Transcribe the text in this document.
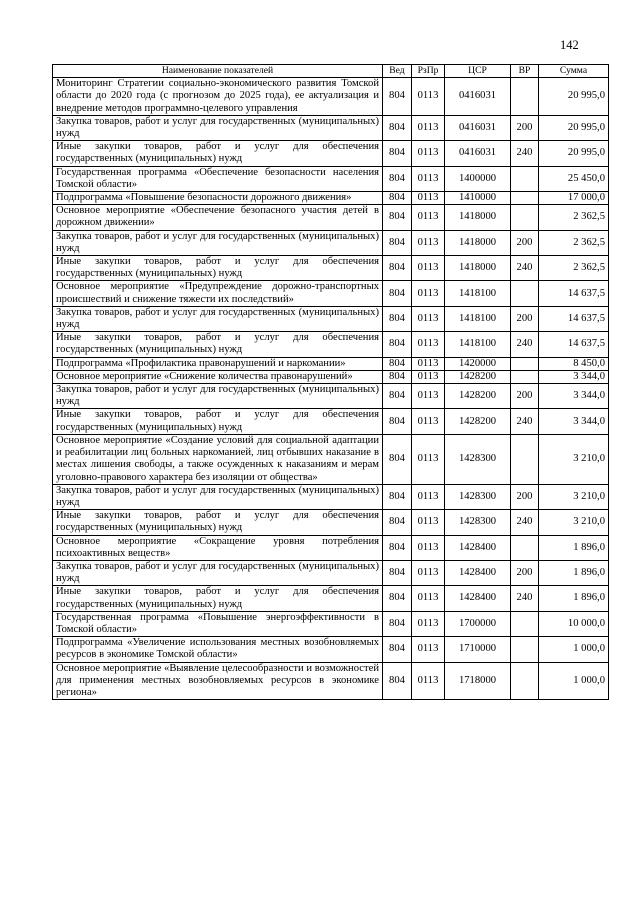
142
Наименование показателей	Вед	РзПр	ЦСР	ВР	Сумма
Мониторинг Стратегии социально-экономического развития Томской области до 2020 года (с прогнозом до 2025 года), ее актуализация и внедрение методов программно-целевого управления	804	0113	0416031		20 995,0
Закупка товаров, работ и услуг для государственных (муниципальных) нужд	804	0113	0416031	200	20 995,0
Иные закупки товаров, работ и услуг для обеспечения государственных (муниципальных) нужд	804	0113	0416031	240	20 995,0
Государственная программа «Обеспечение безопасности населения Томской области»	804	0113	1400000		25 450,0
Подпрограмма «Повышение безопасности дорожного движения»	804	0113	1410000		17 000,0
Основное мероприятие «Обеспечение безопасного участия детей в дорожном движении»	804	0113	1418000		2 362,5
Закупка товаров, работ и услуг для государственных (муниципальных) нужд	804	0113	1418000	200	2 362,5
Иные закупки товаров, работ и услуг для обеспечения государственных (муниципальных) нужд	804	0113	1418000	240	2 362,5
Основное мероприятие «Предупреждение дорожно-транспортных происшествий и снижение тяжести их последствий»	804	0113	1418100		14 637,5
Закупка товаров, работ и услуг для государственных (муниципальных) нужд	804	0113	1418100	200	14 637,5
Иные закупки товаров, работ и услуг для обеспечения государственных (муниципальных) нужд	804	0113	1418100	240	14 637,5
Подпрограмма «Профилактика правонарушений и наркомании»	804	0113	1420000		8 450,0
Основное мероприятие «Снижение количества правонарушений»	804	0113	1428200		3 344,0
Закупка товаров, работ и услуг для государственных (муниципальных) нужд	804	0113	1428200	200	3 344,0
Иные закупки товаров, работ и услуг для обеспечения государственных (муниципальных) нужд	804	0113	1428200	240	3 344,0
Основное мероприятие «Создание условий для социальной адаптации и реабилитации лиц больных наркоманией, лиц отбывших наказание в местах лишения свободы, а также осужденных к наказаниям и мерам уголовно-правового характера без изоляции от общества»	804	0113	1428300		3 210,0
Закупка товаров, работ и услуг для государственных (муниципальных) нужд	804	0113	1428300	200	3 210,0
Иные закупки товаров, работ и услуг для обеспечения государственных (муниципальных) нужд	804	0113	1428300	240	3 210,0
Основное мероприятие «Сокращение уровня потребления психоактивных веществ»	804	0113	1428400		1 896,0
Закупка товаров, работ и услуг для государственных (муниципальных) нужд	804	0113	1428400	200	1 896,0
Иные закупки товаров, работ и услуг для обеспечения государственных (муниципальных) нужд	804	0113	1428400	240	1 896,0
Государственная программа «Повышение энергоэффективности в Томской области»	804	0113	1700000		10 000,0
Подпрограмма «Увеличение использования местных возобновляемых ресурсов в экономике Томской области»	804	0113	1710000		1 000,0
Основное мероприятие «Выявление целесообразности и возможностей для применения местных возобновляемых ресурсов в экономике региона»	804	0113	1718000		1 000,0
